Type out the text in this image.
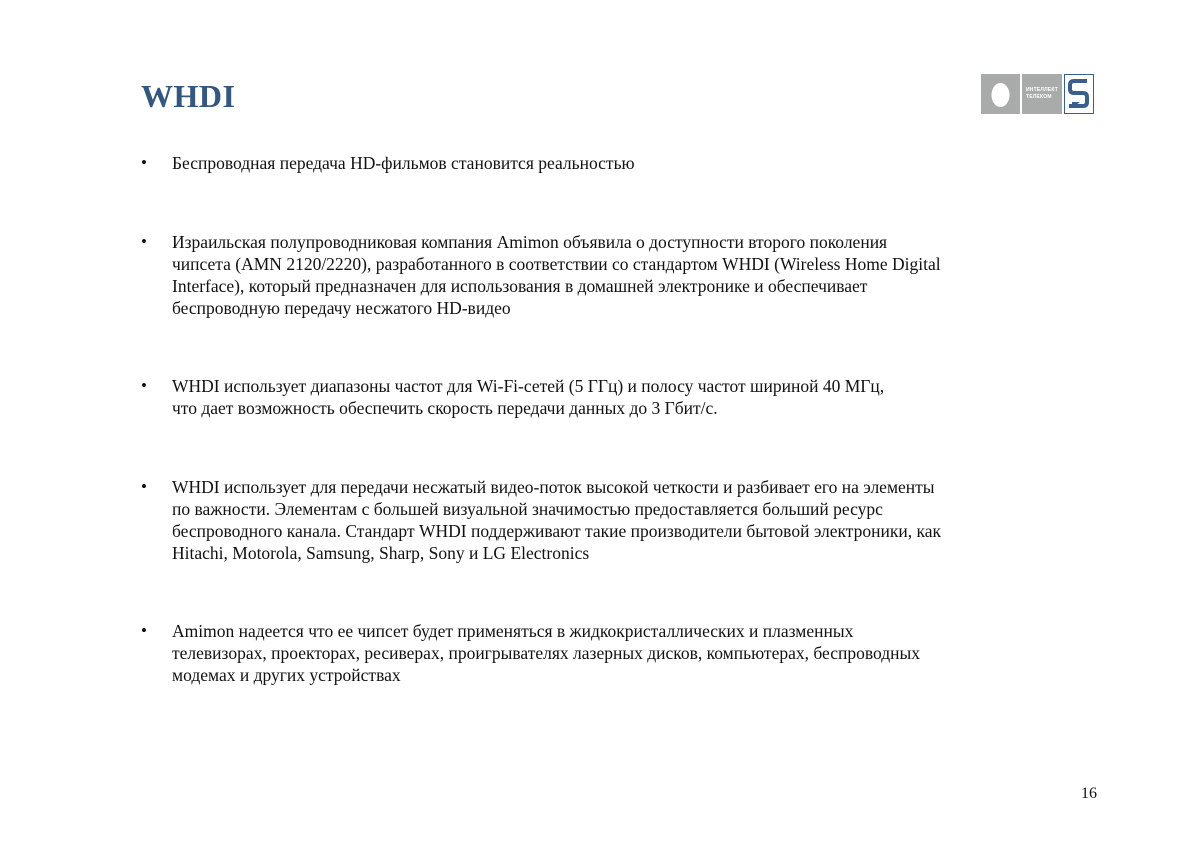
WHDI	ИНТЕЛЛЕКТ
ТЕЛЕКОМ
• Беспроводная передача HD-фильмов становится реальностью
• Израильская полупроводниковая компания Amimon объявила о доступности второго поколения
чипсета (AMN 2120/2220), разработанного в соответствии со стандартом WHDI (Wireless Home Digital
Interface), который предназначен для использования в домашней электронике и обеспечивает
беспроводную передачу несжатого HD-видео
• WHDI использует диапазоны частот для Wi-Fi-сетей (5 ГГц) и полосу частот шириной 40 МГц,
что дает возможность обеспечить скорость передачи данных до 3 Гбит/с.
• WHDI использует для передачи несжатый видео-поток высокой четкости и разбивает его на элементы
по важности. Элементам с большей визуальной значимостью предоставляется больший ресурс
беспроводного канала. Стандарт WHDI поддерживают такие производители бытовой электроники, как
Hitachi, Motorola, Samsung, Sharp, Sony и LG Electronics
• Amimon надеется что ее чипсет будет применяться в жидкокристаллических и плазменных
телевизорах, проекторах, ресиверах, проигрывателях лазерных дисков, компьютерах, беспроводных
модемах и других устройствах
16
